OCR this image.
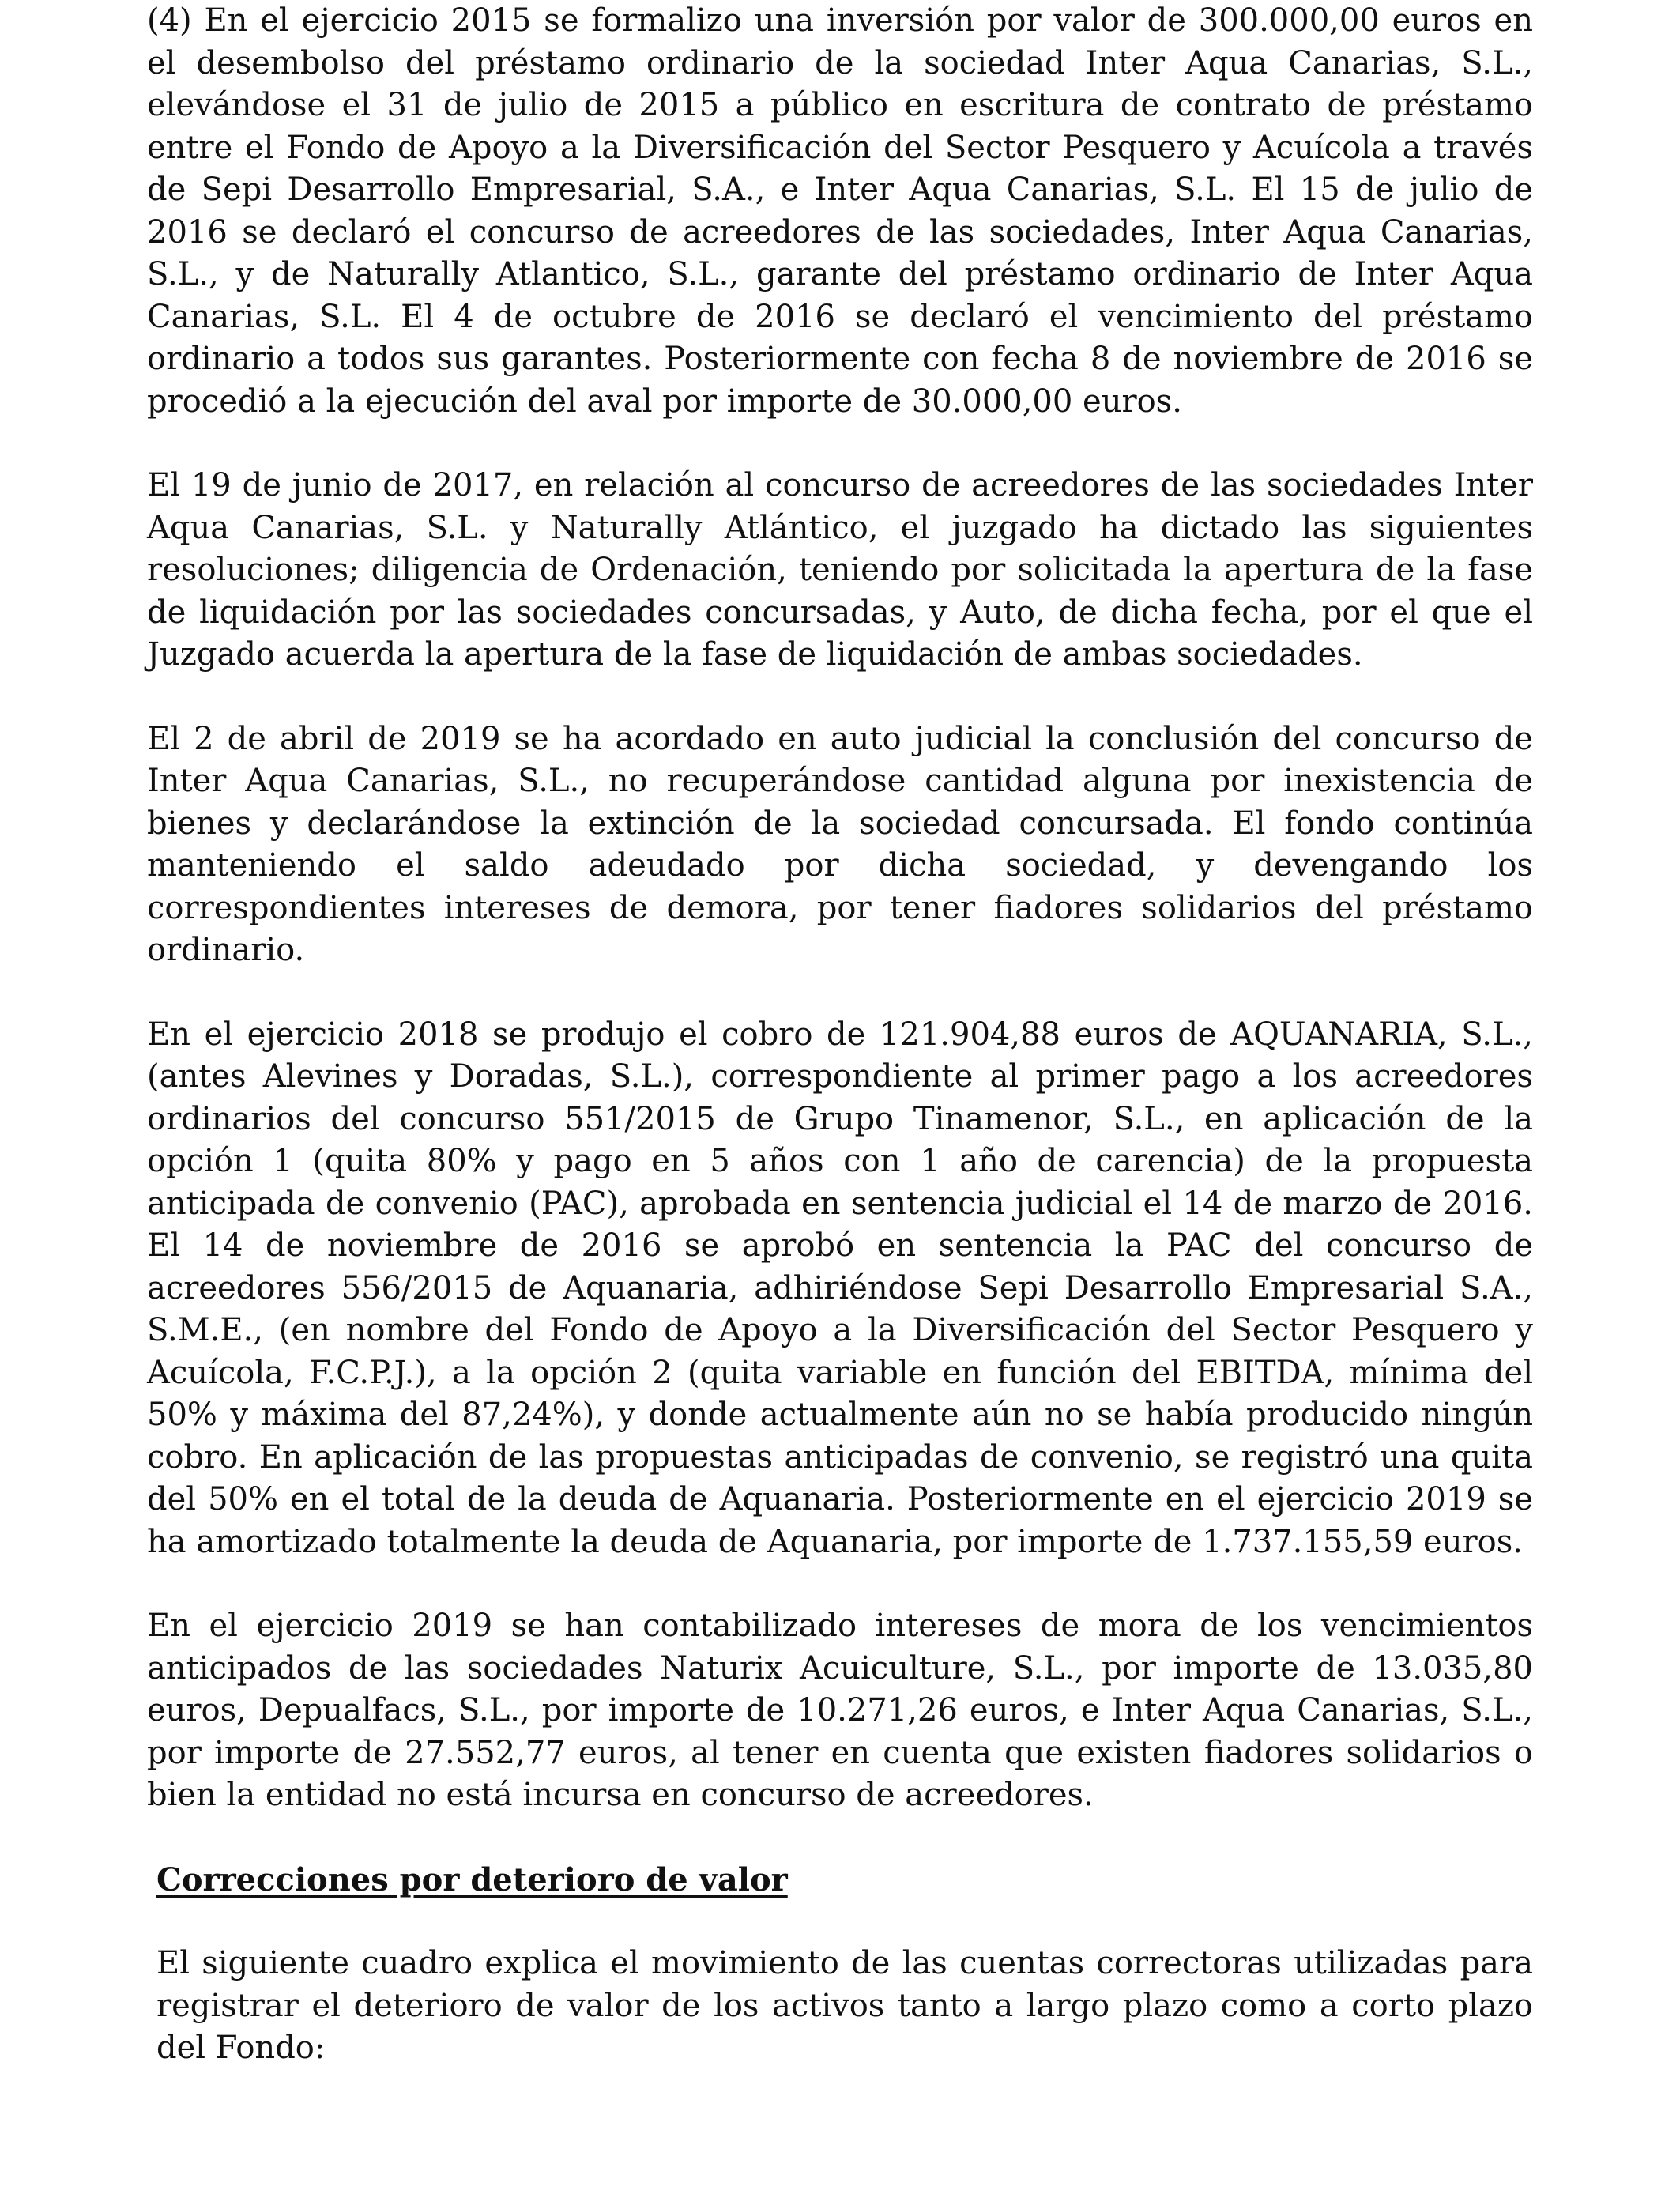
(4) En el ejercicio 2015 se formalizo una inversión por valor de 300.000,00 euros en el desembolso del préstamo ordinario de la sociedad Inter Aqua Canarias, S.L., elevándose el 31 de julio de 2015 a público en escritura de contrato de préstamo entre el Fondo de Apoyo a la Diversificación del Sector Pesquero y Acuícola a través de Sepi Desarrollo Empresarial, S.A., e Inter Aqua Canarias, S.L. El 15 de julio de 2016 se declaró el concurso de acreedores de las sociedades, Inter Aqua Canarias, S.L., y de Naturally Atlantico, S.L., garante del préstamo ordinario de Inter Aqua Canarias, S.L. El 4 de octubre de 2016 se declaró el vencimiento del préstamo ordinario a todos sus garantes. Posteriormente con fecha 8 de noviembre de 2016 se procedió a la ejecución del aval por importe de 30.000,00 euros.

El 19 de junio de 2017, en relación al concurso de acreedores de las sociedades Inter Aqua Canarias, S.L. y Naturally Atlántico, el juzgado ha dictado las siguientes resoluciones; diligencia de Ordenación, teniendo por solicitada la apertura de la fase de liquidación por las sociedades concursadas, y Auto, de dicha fecha, por el que el Juzgado acuerda la apertura de la fase de liquidación de ambas sociedades.

El 2 de abril de 2019 se ha acordado en auto judicial la conclusión del concurso de Inter Aqua Canarias, S.L., no recuperándose cantidad alguna por inexistencia de bienes y declarándose la extinción de la sociedad concursada. El fondo continúa manteniendo el saldo adeudado por dicha sociedad, y devengando los correspondientes intereses de demora, por tener fiadores solidarios del préstamo ordinario.

En el ejercicio 2018 se produjo el cobro de 121.904,88 euros de AQUANARIA, S.L., (antes Alevines y Doradas, S.L.), correspondiente al primer pago a los acreedores ordinarios del concurso 551/2015 de Grupo Tinamenor, S.L., en aplicación de la opción 1 (quita 80% y pago en 5 años con 1 año de carencia) de la propuesta anticipada de convenio (PAC), aprobada en sentencia judicial el 14 de marzo de 2016. El 14 de noviembre de 2016 se aprobó en sentencia la PAC del concurso de acreedores 556/2015 de Aquanaria, adhiriéndose Sepi Desarrollo Empresarial S.A., S.M.E., (en nombre del Fondo de Apoyo a la Diversificación del Sector Pesquero y Acuícola, F.C.P.J.), a la opción 2 (quita variable en función del EBITDA, mínima del 50% y máxima del 87,24%), y donde actualmente aún no se había producido ningún cobro. En aplicación de las propuestas anticipadas de convenio, se registró una quita del 50% en el total de la deuda de Aquanaria. Posteriormente en el ejercicio 2019 se ha amortizado totalmente la deuda de Aquanaria, por importe de 1.737.155,59 euros.

En el ejercicio 2019 se han contabilizado intereses de mora de los vencimientos anticipados de las sociedades Naturix Acuiculture, S.L., por importe de 13.035,80 euros, Depualfacs, S.L., por importe de 10.271,26 euros, e Inter Aqua Canarias, S.L., por importe de 27.552,77 euros, al tener en cuenta que existen fiadores solidarios o bien la entidad no está incursa en concurso de acreedores.

Correcciones por deterioro de valor

El siguiente cuadro explica el movimiento de las cuentas correctoras utilizadas para registrar el deterioro de valor de los activos tanto a largo plazo como a corto plazo del Fondo:
